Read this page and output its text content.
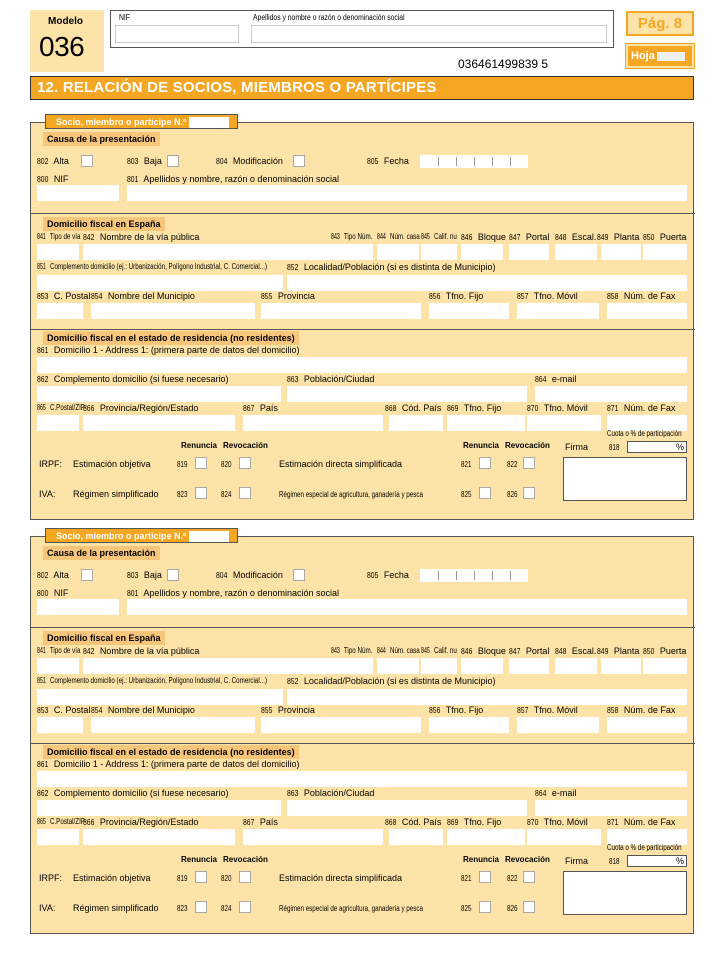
Modelo
036
NIF	Apellidos y nombre o razón o denominación social	Pág. 8
Hoja
036461499839 5
12. RELACIÓN DE SOCIOS, MIEMBROS O PARTÍCIPES
Causa de la presentación
802 Alta	803 Baja	804 Modificación	805 Fecha
800 NIF	801 Apellidos y nombre, razón o denominación social
Domicilio fiscal en España
841 Tipo de vía 842 Nombre de la vía pública	843 Tipo Núm. 844 Núm. casa 845 Calif. nu 846 Bloque 847 Portal 848 Escal. 849 Planta 850 Puerta
851 Complemento domicilio (ej.: Urbanización, Polígono Industrial, C. Comercial...) 852 Localidad/Población (si es distinta de Municipio)
853 C. Postal 854 Nombre del Municipio	855 Provincia	856 Tfno. Fijo	857 Tfno. Móvil	858 Núm. de Fax
Domicilio fiscal en el estado de residencia (no residentes)
861 Domicilio 1 - Address 1: (primera parte de datos del domicilio)
862 Complemento domicilio (si fuese necesario)	863 Población/Ciudad	864 e-mail
865 C.Postal/ZIP
866 Provincia/Región/Estado	867 País	868 Cód. País 869 Tfno. Fijo	870 Tfno. Móvil 871 Núm. de Fax
Renuncia Revocación	Renuncia Revocación
Cuota o % de participación
Firma	818	%
IRPF: Estimación objetiva	819	820	Estimación directa simplificada	821	822
IVA: Régimen simplificado 823	824	Régimen especial de agricultura, ganadería y pesca	825	826
Socio, miembro o partícipe N.º
Causa de la presentación
802 Alta	803 Baja	804 Modificación	805 Fecha
800 NIF	801 Apellidos y nombre, razón o denominación social
Domicilio fiscal en España
841 Tipo de vía 842 Nombre de la vía pública	843 Tipo Núm. 844 Núm. casa 845 Calif. nu 846 Bloque 847 Portal 848 Escal. 849 Planta 850 Puerta
851 Complemento domicilio (ej.: Urbanización, Polígono Industrial, C. Comercial...) 852 Localidad/Población (si es distinta de Municipio)
853 C. Postal 854 Nombre del Municipio	855 Provincia	856 Tfno. Fijo	857 Tfno. Móvil	858 Núm. de Fax
Domicilio fiscal en el estado de residencia (no residentes)
861 Domicilio 1 - Address 1: (primera parte de datos del domicilio)
862 Complemento domicilio (si fuese necesario)	863 Población/Ciudad	864 e-mail
865 C.Postal/ZIP
866 Provincia/Región/Estado	867 País	868 Cód. País 869 Tfno. Fijo	870 Tfno. Móvil 871 Núm. de Fax
Renuncia Revocación	Renuncia Revocación
Cuota o % de participación
Firma	818	%
IRPF: Estimación objetiva	819	820	Estimación directa simplificada	821	822
IVA: Régimen simplificado 823	824	Régimen especial de agricultura, ganadería y pesca	825	826
Socio, miembro o partícipe N.º
